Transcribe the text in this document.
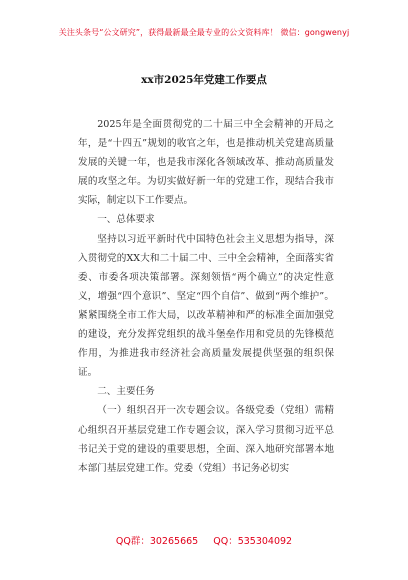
关注头条号“公文研究”，获得最新最全最专业的公文资料库！ 微信：gongwenyj
xx市2025年党建工作要点

2025年是全面贯彻党的二十届三中全会精神的开局之年，是“十四五”规划的收官之年，也是推动机关党建高质量发展的关键一年，也是我市深化各领域改革、推动高质量发展的攻坚之年。为切实做好新一年的党建工作，现结合我市实际，制定以下工作要点。

一、总体要求

坚持以习近平新时代中国特色社会主义思想为指导，深入贯彻党的XX大和二十届二中、三中全会精神，全面落实省委、市委各项决策部署。深刻领悟“两个确立”的决定性意义，增强“四个意识”、坚定“四个自信”、做到“两个维护”。紧紧围绕全市工作大局，以改革精神和严的标准全面加强党的建设，充分发挥党组织的战斗堡垒作用和党员的先锋模范作用，为推进我市经济社会高质量发展提供坚强的组织保证。

二、主要任务

（一）组织召开一次专题会议。各级党委（党组）需精心组织召开基层党建工作专题会议，深入学习贯彻习近平总书记关于党的建设的重要思想，全面、深入地研究部署本地本部门基层党建工作。党委（党组）书记务必切实

QQ群：30265665 QQ：535304092
